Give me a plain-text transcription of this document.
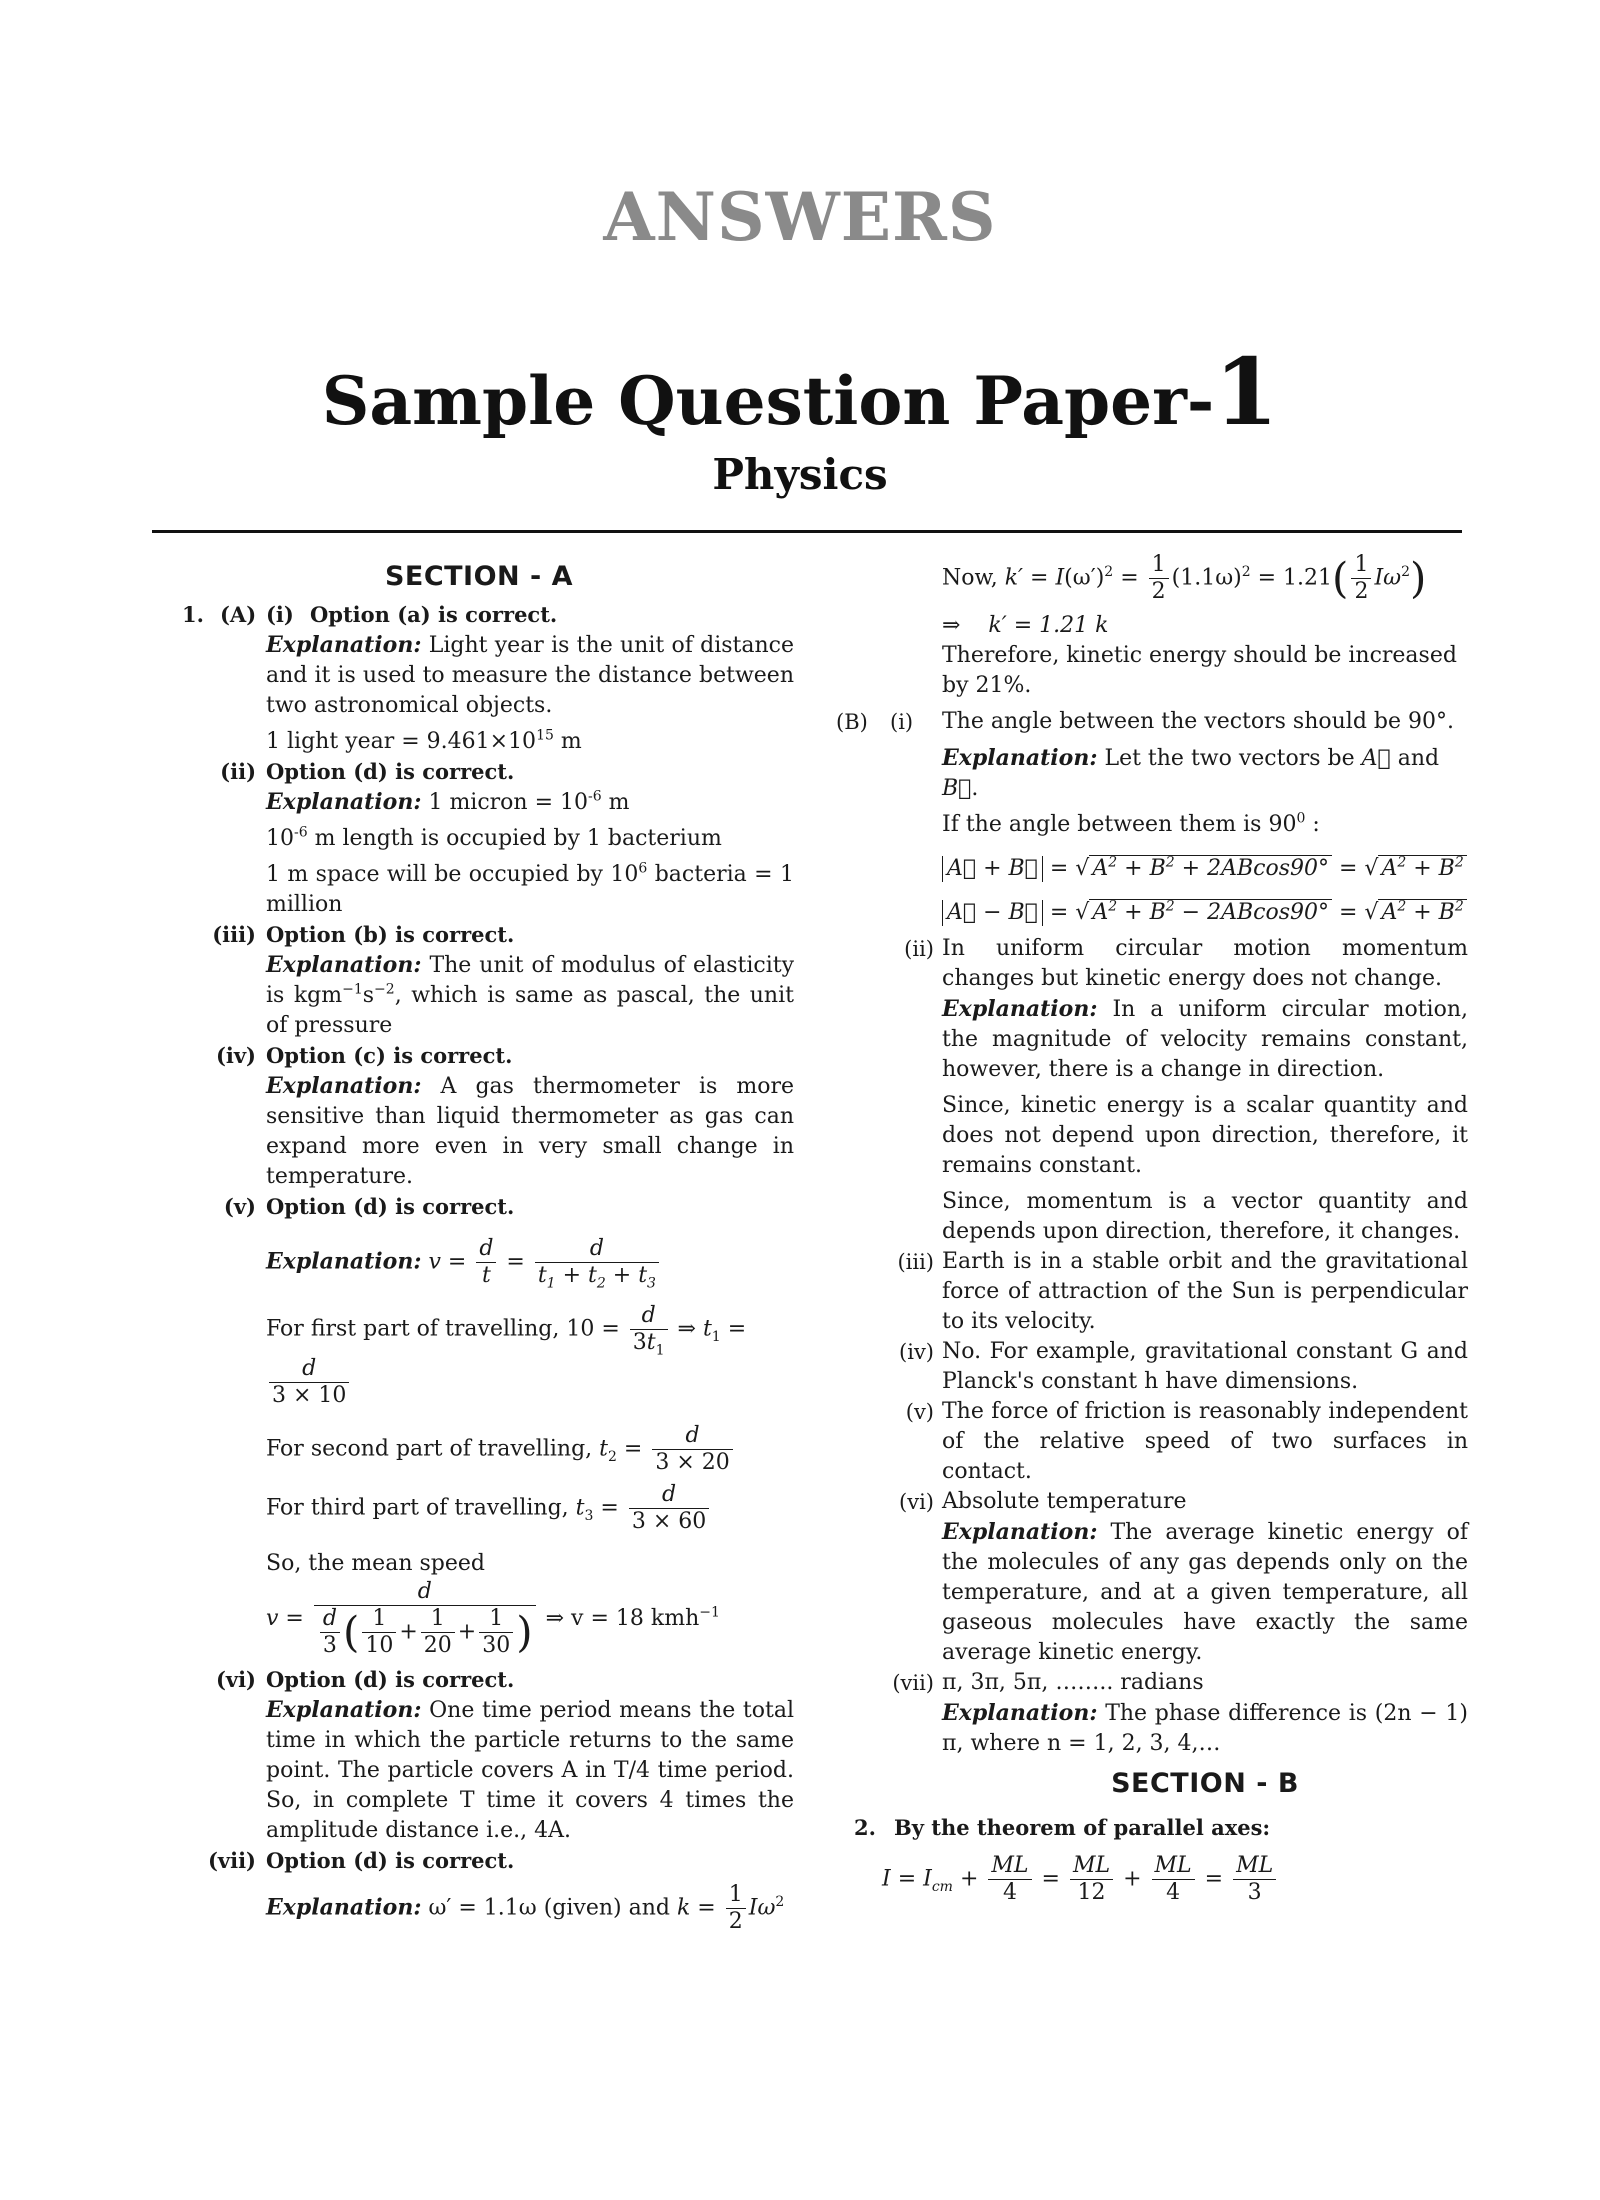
ANSWERS
Sample Question Paper-1
Physics
SECTION - A
1. (A) (i) Option (a) is correct.
Explanation: Light year is the unit of distance and it is used to measure the distance between two astronomical objects.
1 light year = $9.461\times 10^{15}$ m
(ii) Option (d) is correct.
Explanation: 1 micron = $10^{-6}$ m
$10^{-6}$ m length is occupied by 1 bacterium
1 m space will be occupied by $10^6$ bacteria = 1 million
(iii) Option (b) is correct.
Explanation: The unit of modulus of elasticity is $kgm^{-1}s^{-2}$, which is same as pascal, the unit of pressure
(iv) Option (c) is correct.
Explanation: A gas thermometer is more sensitive than liquid thermometer as gas can expand more even in very small change in temperature.
(v) Option (d) is correct.
Explanation: $v = \frac{d}{t} = \frac{d}{t_1 + t_2 + t_3}$
For first part of travelling, $10 = \frac{d}{3t_1}$ ⇒ $t_1$ =
$\frac{d}{3 \times 10}$
For second part of travelling, $t_2 = \frac{d}{3 \times 20}$
For third part of travelling, $t_3 = \frac{d}{3 \times 60}$
So, the mean speed
$v = \frac{d}{\frac{d}{3} ( \frac{1}{10} + \frac{1}{20} + \frac{1}{30} )}$ ⇒ v = 18 kmh$^{-1}$
(vi) Option (d) is correct.
Explanation: One time period means the total time in which the particle returns to the same point. The particle covers A in T/4 time period. So, in complete T time it covers 4 times the amplitude distance i.e., 4A.
(vii) Option (d) is correct.
Explanation: ω′ = 1.1ω (given) and $k = \frac{1}{2} I\omega^2$
Now, $k' = I(\omega')^2 = \frac{1}{2} (1.1\omega)^2 = 1.21( \frac{1}{2} I\omega^2)$
⇒ k′ = 1.21 k
Therefore, kinetic energy should be increased by 21%.
(B) (i) The angle between the vectors should be 90°.
Explanation: Let the two vectors be A⃗ and B⃗.
If the angle between them is $90^0$ :
A⃗ + B⃗ = √ $A^2 + B^2 + 2ABcos90^\circ$ = √ $A^2 + B^2$
A⃗ − B⃗ = √ $A^2 + B^2 - 2ABcos90^\circ$ = √ $A^2 + B^2$
(ii) In uniform circular motion momentum changes but kinetic energy does not change.
Explanation: In a uniform circular motion, the magnitude of velocity remains constant, however, there is a change in direction.
Since, kinetic energy is a scalar quantity and does not depend upon direction, therefore, it remains constant.
Since, momentum is a vector quantity and depends upon direction, therefore, it changes.
(iii) Earth is in a stable orbit and the gravitational force of attraction of the Sun is perpendicular to its velocity.
(iv) No. For example, gravitational constant G and Planck's constant h have dimensions.
(v) The force of friction is reasonably independent of the relative speed of two surfaces in contact.
(vi) Absolute temperature
Explanation: The average kinetic energy of the molecules of any gas depends only on the temperature, and at a given temperature, all gaseous molecules have exactly the same average kinetic energy.
(vii) π, 3π, 5π, …….. radians
Explanation: The phase difference is (2n − 1) π, where n = 1, 2, 3, 4,…
SECTION - B
2. By the theorem of parallel axes:
$I = I_{cm} + \frac{ML}{4} = \frac{ML}{12} + \frac{ML}{4} = \frac{ML}{3}$
